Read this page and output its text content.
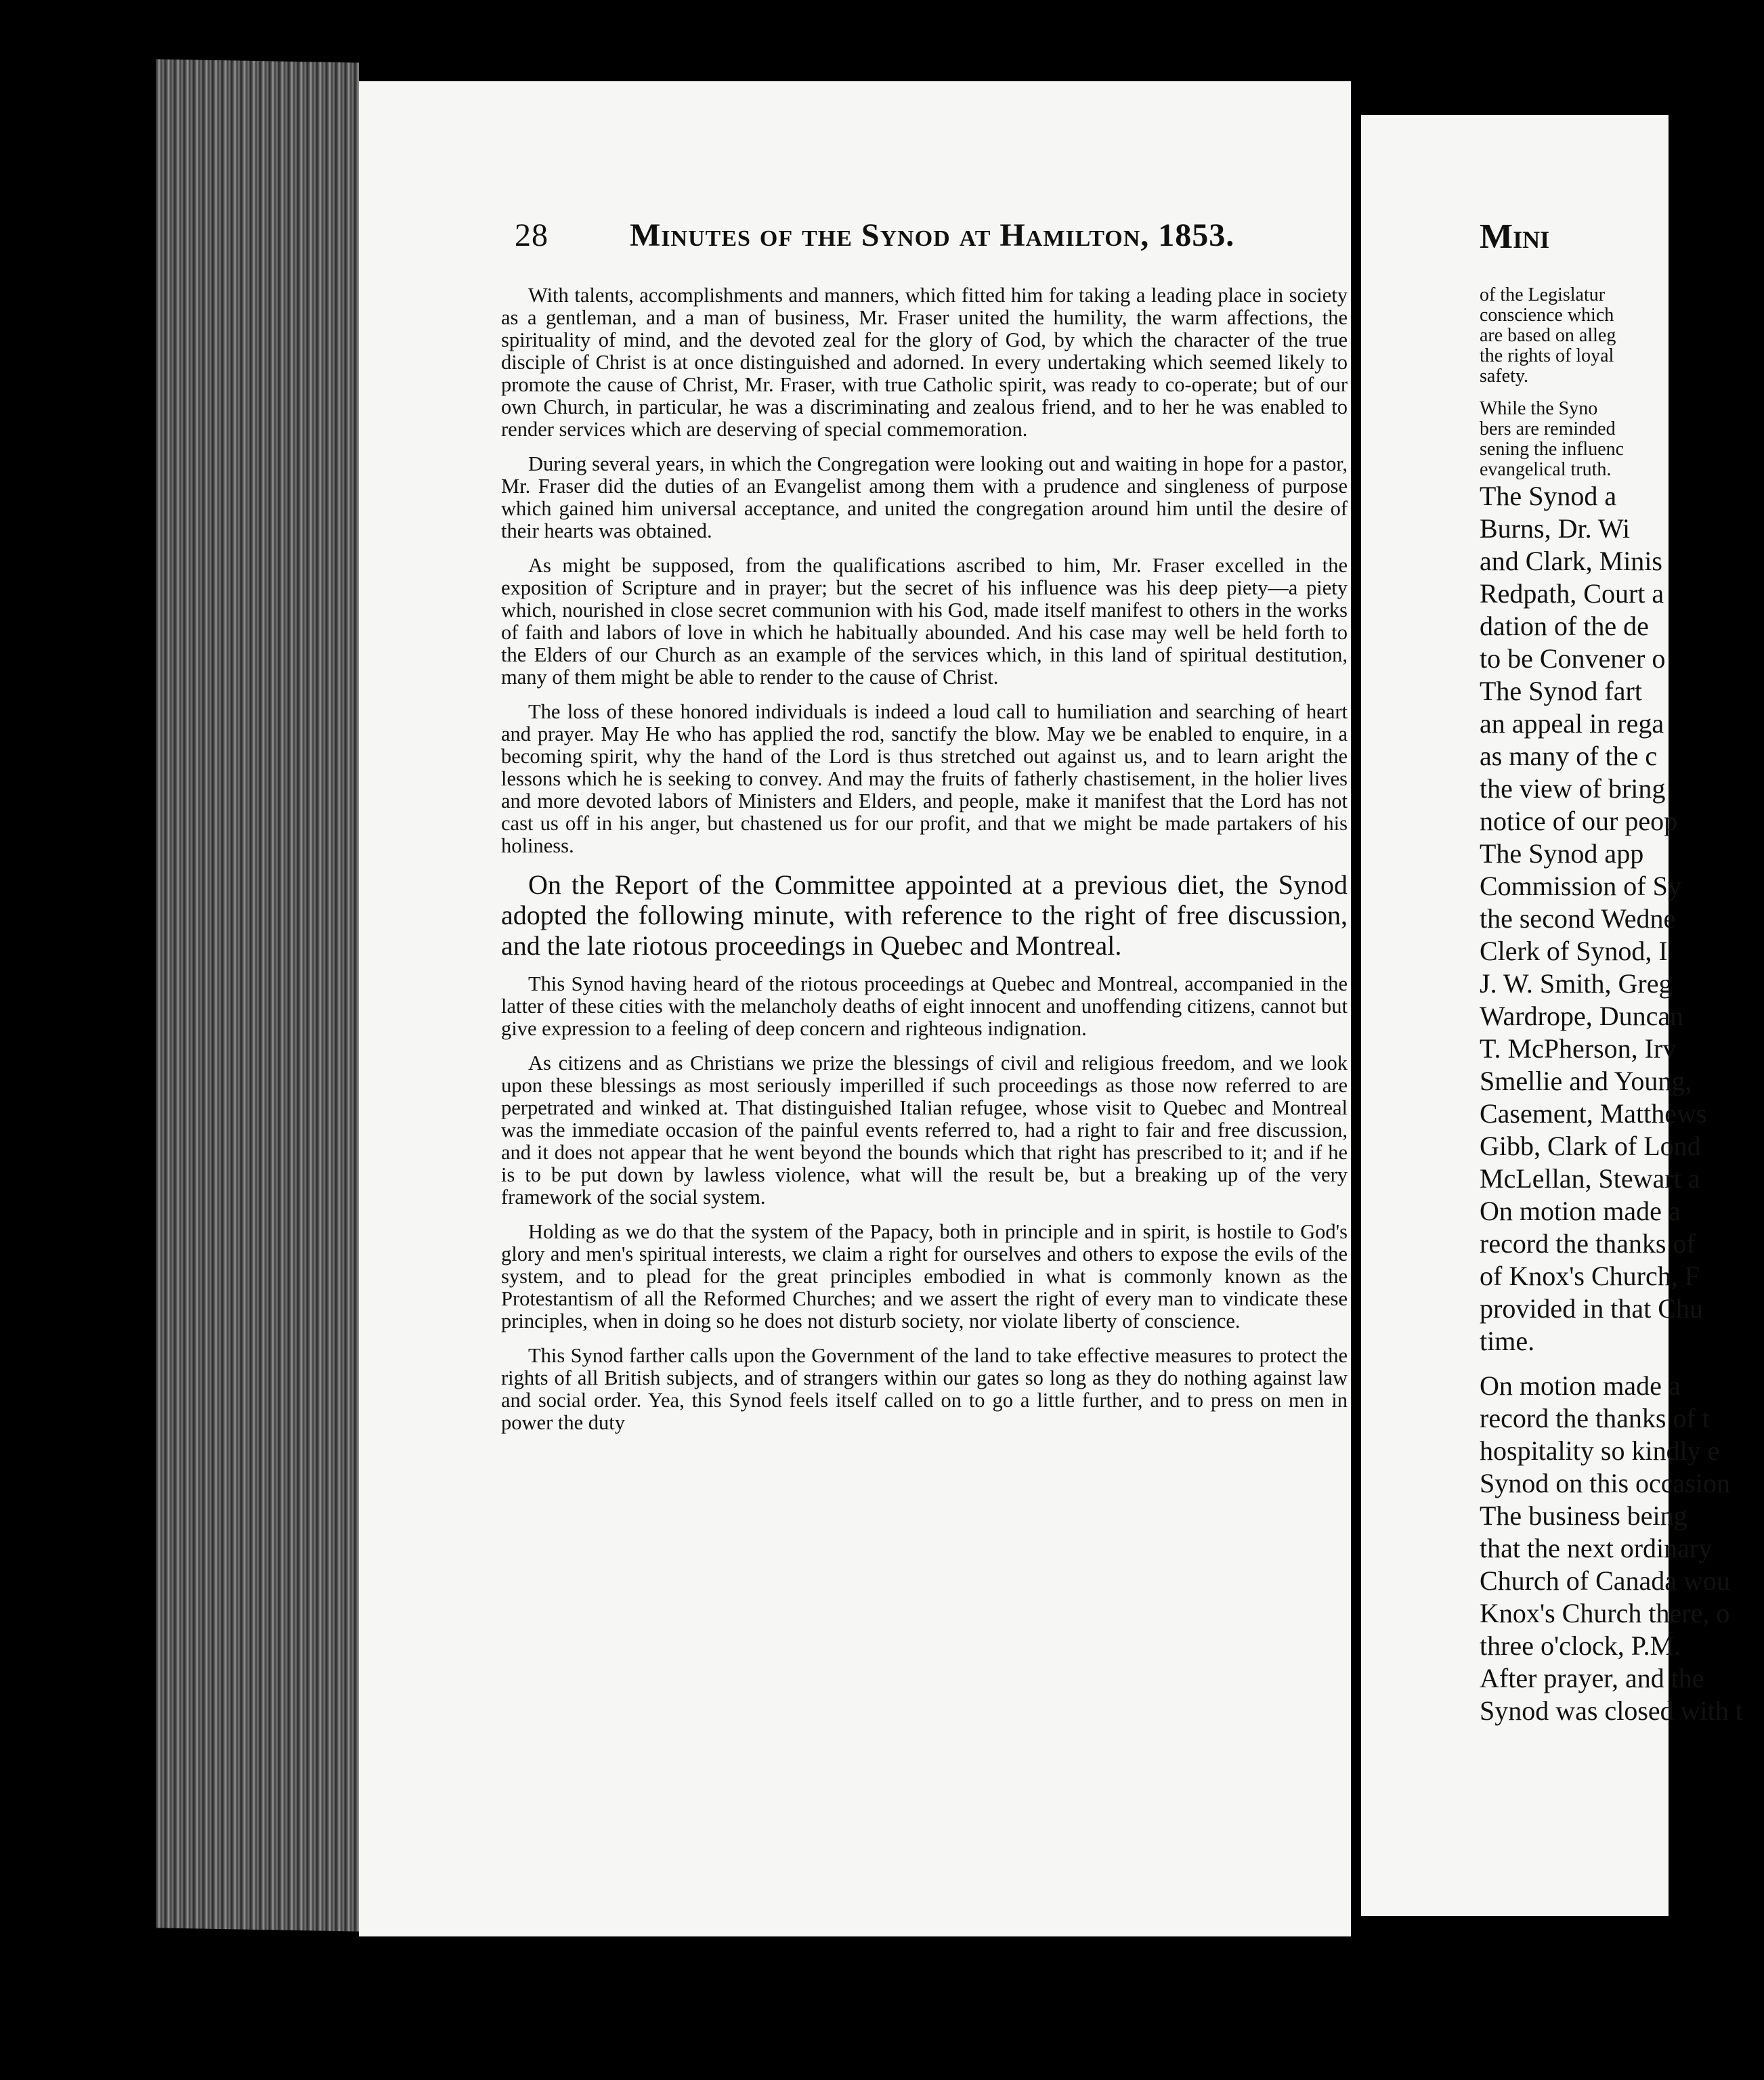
28	Minutes of the Synod at Hamilton, 1853.

With talents, accomplishments and manners, which fitted him for taking a leading place in society as a gentleman, and a man of business, Mr. Fraser united the humility, the warm affections, the spirituality of mind, and the devoted zeal for the glory of God, by which the character of the true disciple of Christ is at once distinguished and adorned. In every undertaking which seemed likely to promote the cause of Christ, Mr. Fraser, with true Catholic spirit, was ready to co-operate; but of our own Church, in particular, he was a discriminating and zealous friend, and to her he was enabled to render services which are deserving of special commemoration.

During several years, in which the Congregation were looking out and waiting in hope for a pastor, Mr. Fraser did the duties of an Evangelist among them with a prudence and singleness of purpose which gained him universal acceptance, and united the congregation around him until the desire of their hearts was obtained.

As might be supposed, from the qualifications ascribed to him, Mr. Fraser excelled in the exposition of Scripture and in prayer; but the secret of his influence was his deep piety—a piety which, nourished in close secret communion with his God, made itself manifest to others in the works of faith and labors of love in which he habitually abounded. And his case may well be held forth to the Elders of our Church as an example of the services which, in this land of spiritual destitution, many of them might be able to render to the cause of Christ.

The loss of these honored individuals is indeed a loud call to humiliation and searching of heart and prayer. May He who has applied the rod, sanctify the blow. May we be enabled to enquire, in a becoming spirit, why the hand of the Lord is thus stretched out against us, and to learn aright the lessons which he is seeking to convey. And may the fruits of fatherly chastisement, in the holier lives and more devoted labors of Ministers and Elders, and people, make it manifest that the Lord has not cast us off in his anger, but chastened us for our profit, and that we might be made partakers of his holiness.

On the Report of the Committee appointed at a previous diet, the Synod adopted the following minute, with reference to the right of free discussion, and the late riotous proceedings in Quebec and Montreal.

This Synod having heard of the riotous proceedings at Quebec and Montreal, accompanied in the latter of these cities with the melancholy deaths of eight innocent and unoffending citizens, cannot but give expression to a feeling of deep concern and righteous indignation.

As citizens and as Christians we prize the blessings of civil and religious freedom, and we look upon these blessings as most seriously imperilled if such proceedings as those now referred to are perpetrated and winked at. That distinguished Italian refugee, whose visit to Quebec and Montreal was the immediate occasion of the painful events referred to, had a right to fair and free discussion, and it does not appear that he went beyond the bounds which that right has prescribed to it; and if he is to be put down by lawless violence, what will the result be, but a breaking up of the very framework of the social system.

Holding as we do that the system of the Papacy, both in principle and in spirit, is hostile to God's glory and men's spiritual interests, we claim a right for ourselves and others to expose the evils of the system, and to plead for the great principles embodied in what is commonly known as the Protestantism of all the Reformed Churches; and we assert the right of every man to vindicate these principles, when in doing so he does not disturb society, nor violate liberty of conscience.

This Synod farther calls upon the Government of the land to take effective measures to protect the rights of all British subjects, and of strangers within our gates so long as they do nothing against law and social order. Yea, this Synod feels itself called on to go a little further, and to press on men in power the duty

Mini
of the Legislatur
conscience which
are based on alleg
the rights of loyal
safety.
While the Syno
bers are reminded
sening the influenc
evangelical truth.
The Synod a
Burns, Dr. Wi
and Clark, Minis
Redpath, Court a
dation of the de
to be Convener o
The Synod fart
an appeal in rega
as many of the c
the view of bring
notice of our peop
The Synod app
Commission of Sy
the second Wedne
Clerk of Synod, I
J. W. Smith, Greg
Wardrope, Duncan
T. McPherson, Irv
Smellie and Young,
Casement, Matthews
Gibb, Clark of Lond
McLellan, Stewart a
On motion made a
record the thanks of
of Knox's Church, F
provided in that Chu
time.
On motion made a
record the thanks of t
hospitality so kindly e
Synod on this occasion
The business being
that the next ordinary
Church of Canada wou
Knox's Church there, o
three o'clock, P.M.
After prayer, and the
Synod was closed with t
